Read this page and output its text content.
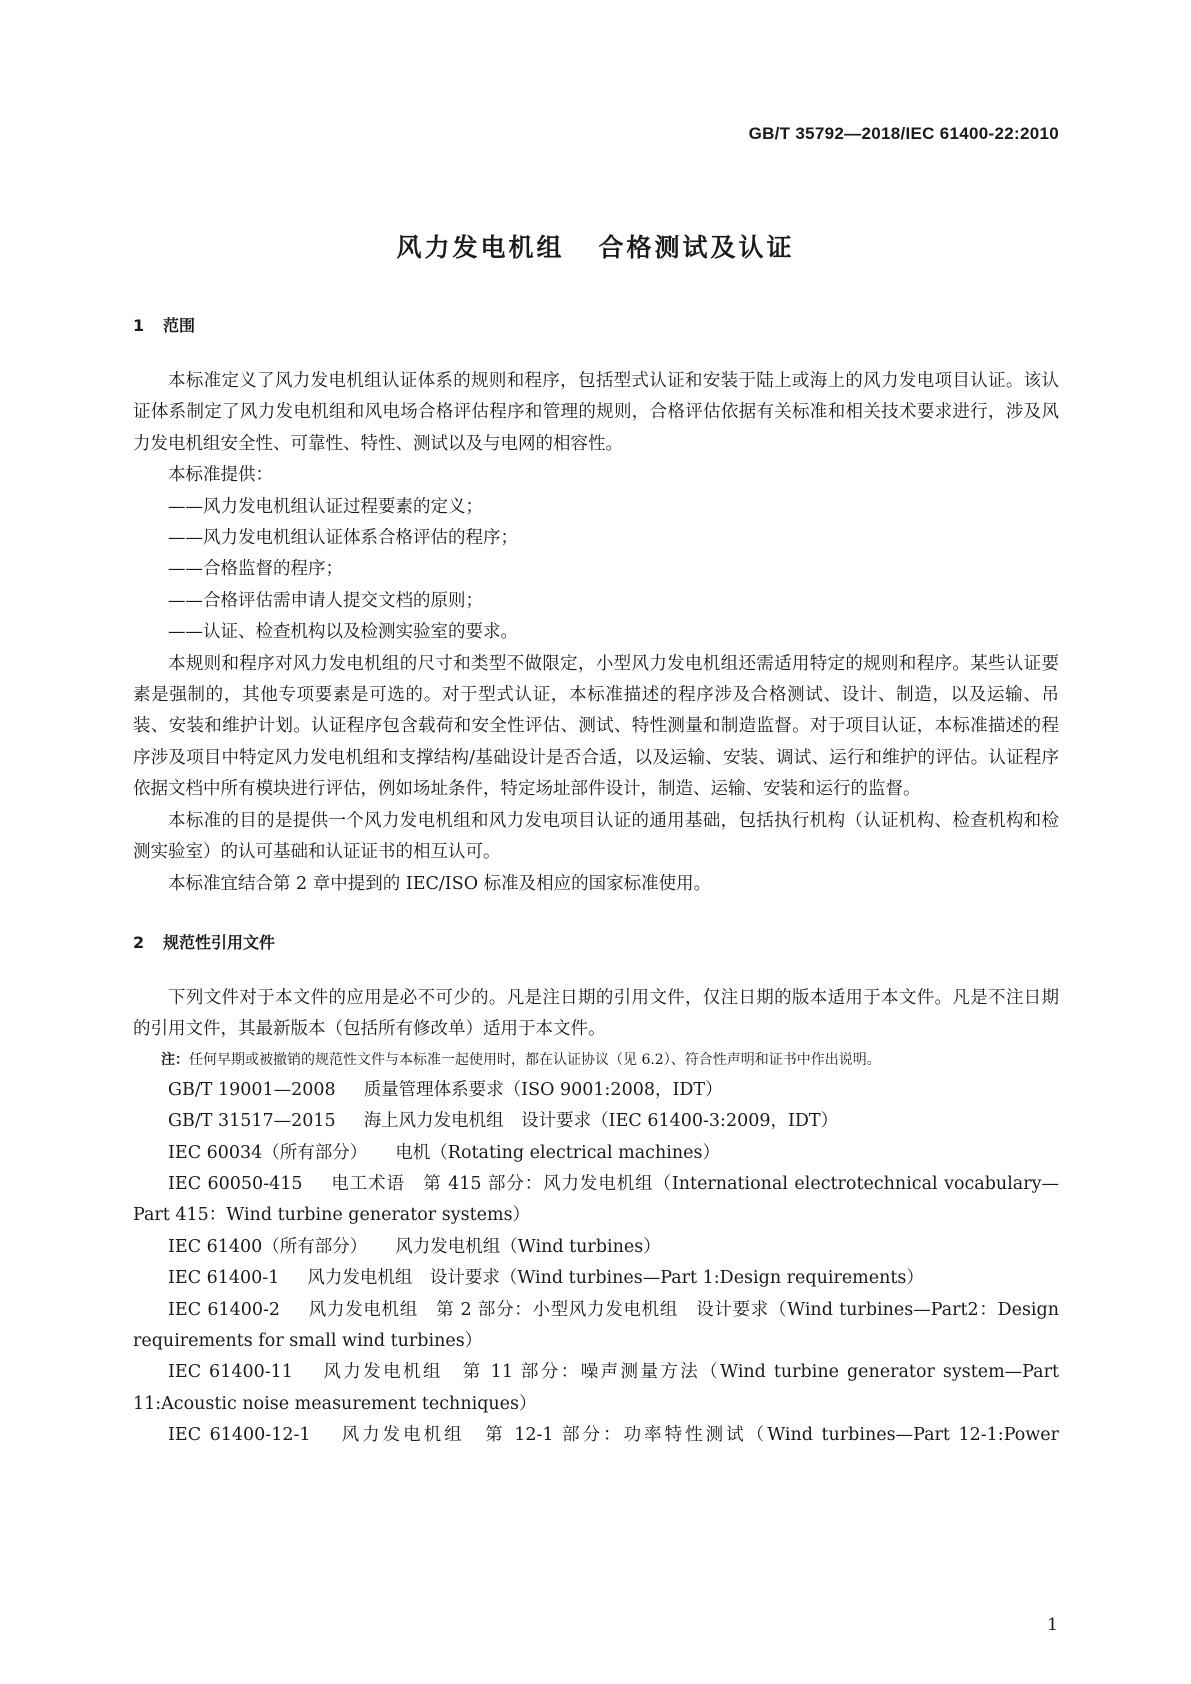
GB/T 35792—2018/IEC 61400-22:2010
风力发电机组 合格测试及认证
1 范围

本标准定义了风力发电机组认证体系的规则和程序，包括型式认证和安装于陆上或海上的风力发电项目认证。该认证体系制定了风力发电机组和风电场合格评估程序和管理的规则，合格评估依据有关标准和相关技术要求进行，涉及风力发电机组安全性、可靠性、特性、测试以及与电网的相容性。

本标准提供：

——风力发电机组认证过程要素的定义；

——风力发电机组认证体系合格评估的程序；

——合格监督的程序；

——合格评估需申请人提交文档的原则；

——认证、检查机构以及检测实验室的要求。

本规则和程序对风力发电机组的尺寸和类型不做限定，小型风力发电机组还需适用特定的规则和程序。某些认证要素是强制的，其他专项要素是可选的。对于型式认证，本标准描述的程序涉及合格测试、设计、制造，以及运输、吊装、安装和维护计划。认证程序包含载荷和安全性评估、测试、特性测量和制造监督。对于项目认证，本标准描述的程序涉及项目中特定风力发电机组和支撑结构/基础设计是否合适，以及运输、安装、调试、运行和维护的评估。认证程序依据文档中所有模块进行评估，例如场址条件，特定场址部件设计，制造、运输、安装和运行的监督。

本标准的目的是提供一个风力发电机组和风力发电项目认证的通用基础，包括执行机构（认证机构、检查机构和检测实验室）的认可基础和认证证书的相互认可。

本标准宜结合第 2 章中提到的 IEC/ISO 标准及相应的国家标准使用。

2 规范性引用文件

下列文件对于本文件的应用是必不可少的。凡是注日期的引用文件，仅注日期的版本适用于本文件。凡是不注日期的引用文件，其最新版本（包括所有修改单）适用于本文件。

注：任何早期或被撤销的规范性文件与本标准一起使用时，都在认证协议（见 6.2）、符合性声明和证书中作出说明。

GB/T 19001—2008 质量管理体系要求（ISO 9001:2008，IDT）

GB/T 31517—2015 海上风力发电机组　设计要求（IEC 61400-3:2009，IDT）

IEC 60034（所有部分） 电机（Rotating electrical machines）

IEC 60050-415 电工术语　第 415 部分：风力发电机组（International electrotechnical vocabulary—Part 415：Wind turbine generator systems）

IEC 61400（所有部分） 风力发电机组（Wind turbines）

IEC 61400-1 风力发电机组　设计要求（Wind turbines—Part 1:Design requirements）

IEC 61400-2 风力发电机组　第 2 部分：小型风力发电机组　设计要求（Wind turbines—Part2：Design requirements for small wind turbines）

IEC 61400-11 风力发电机组　第 11 部分：噪声测量方法（Wind turbine generator system—Part 11:Acoustic noise measurement techniques）

IEC 61400-12-1 风力发电机组　第 12-1 部分：功率特性测试（Wind turbines—Part 12-1:Power

1
